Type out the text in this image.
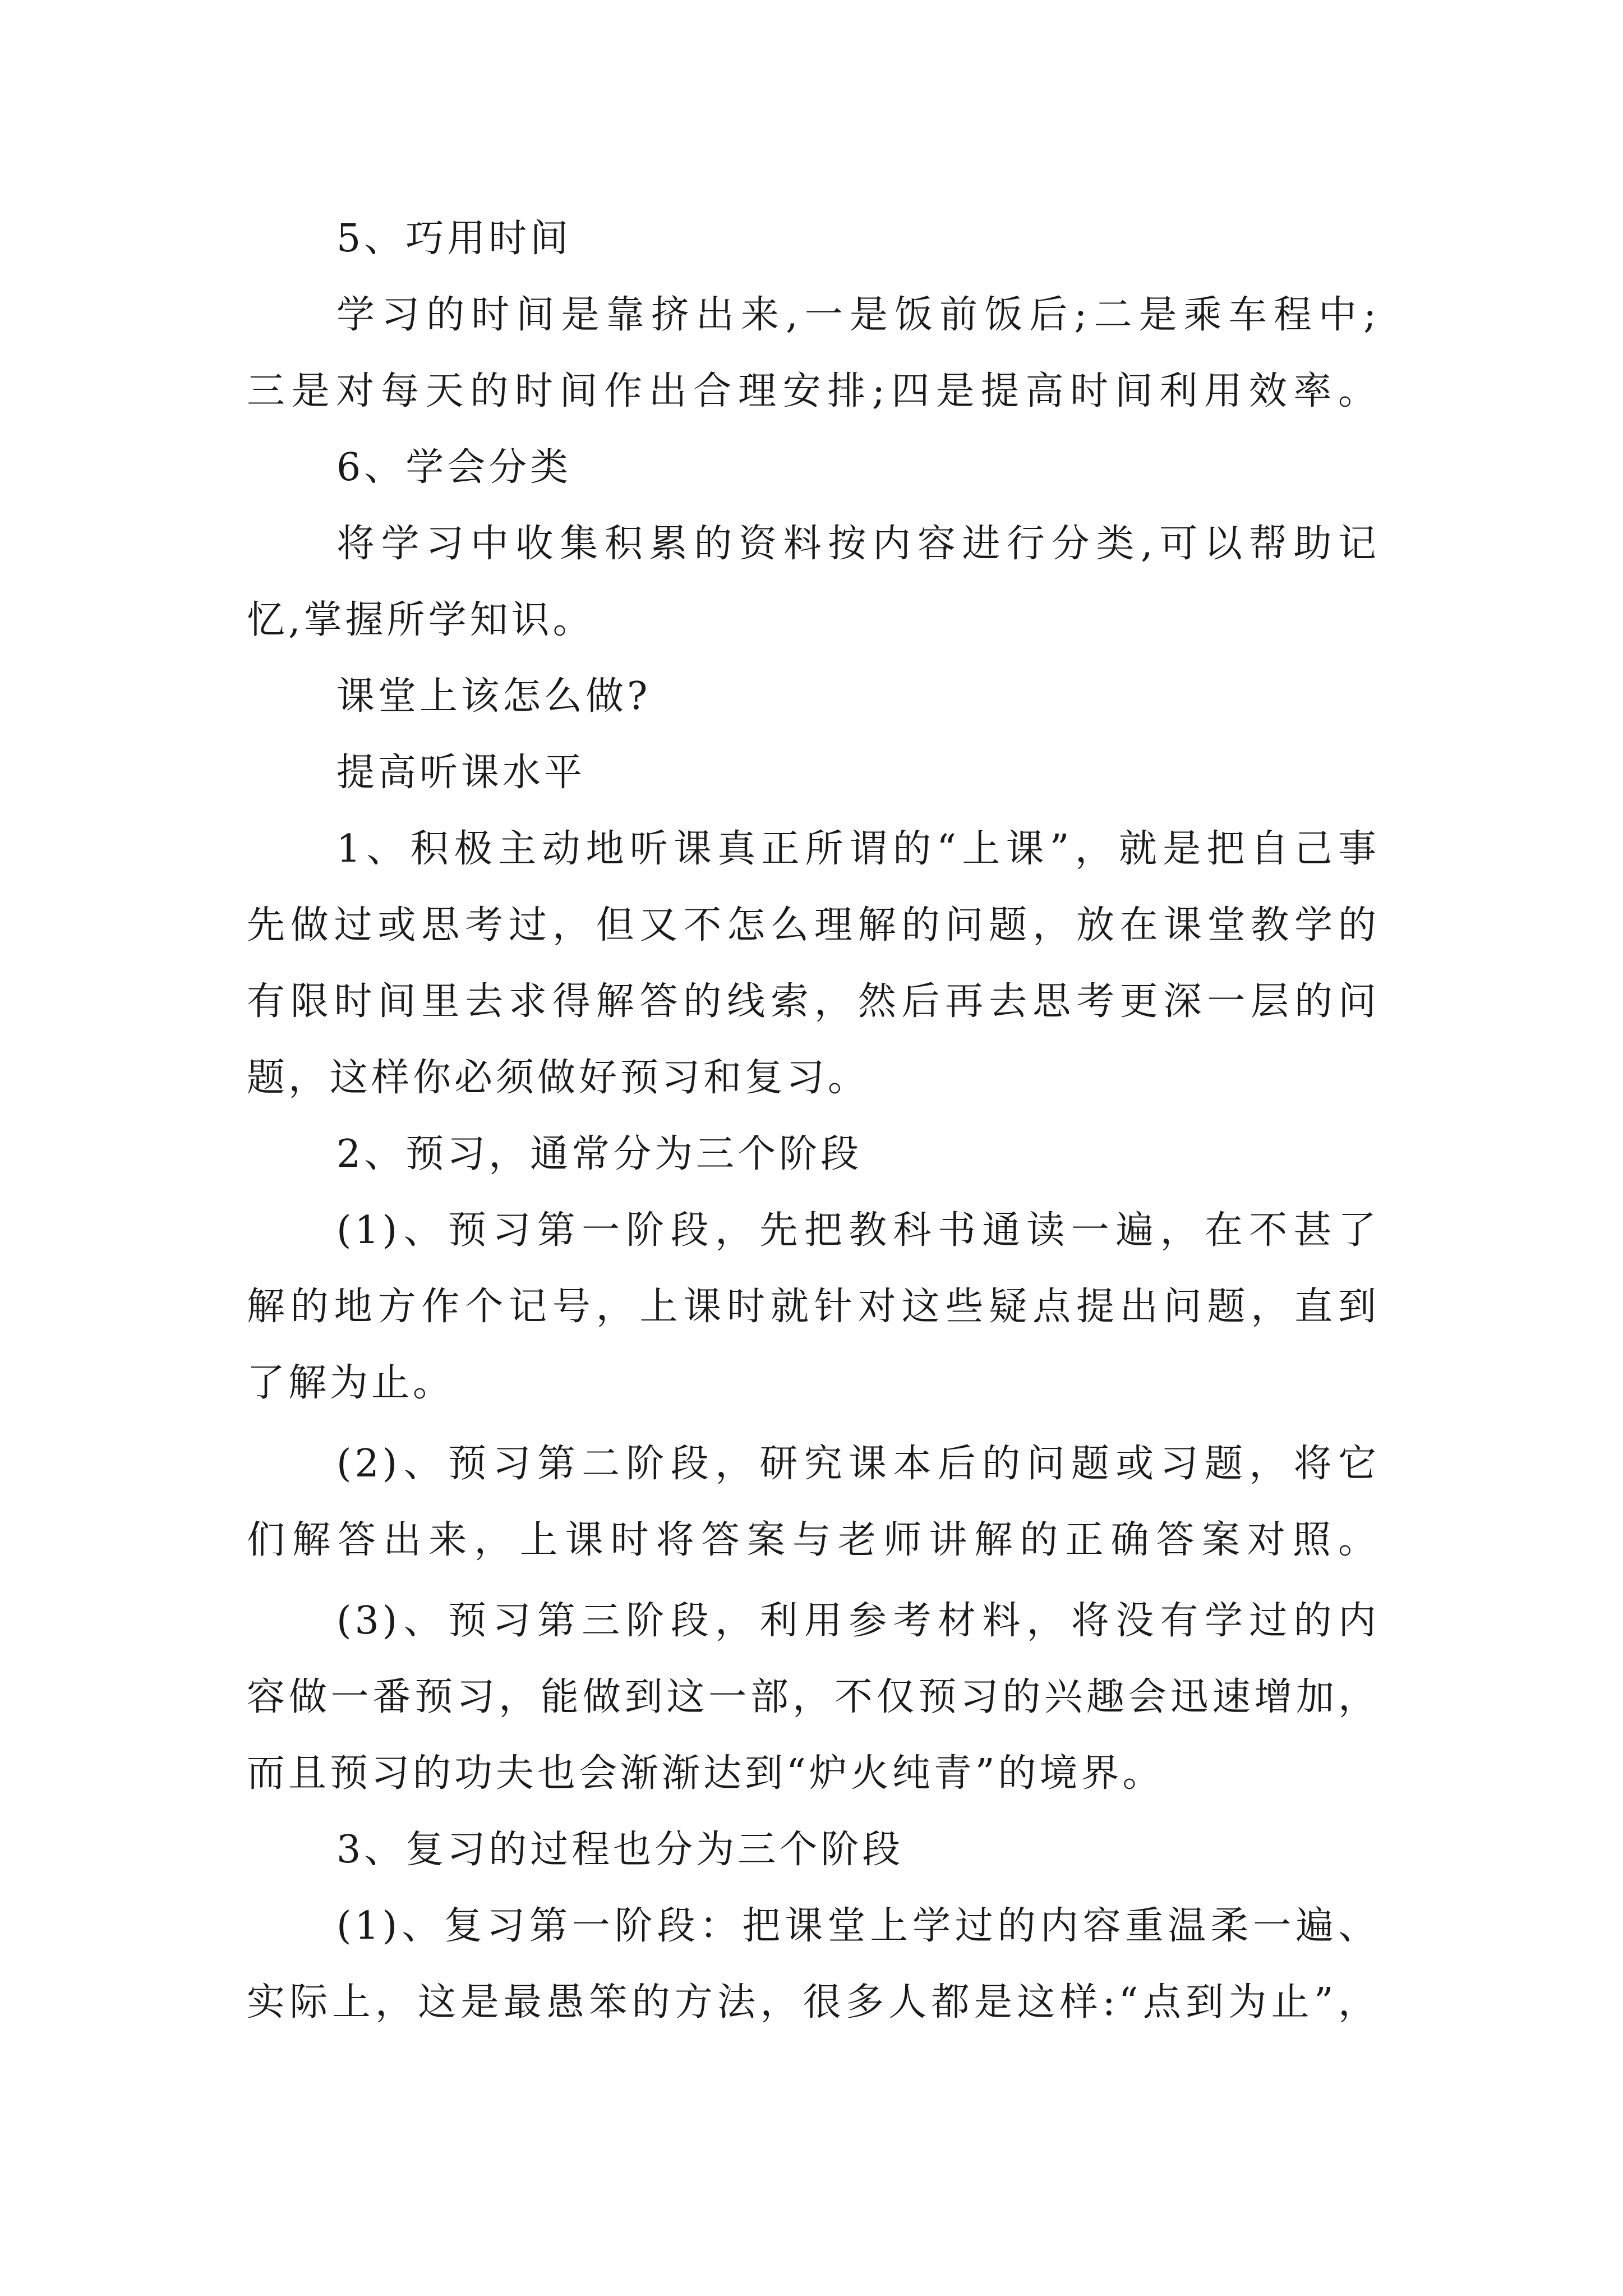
5、巧用时间
学习的时间是靠挤出来,一是饭前饭后;二是乘车程中;
三是对每天的时间作出合理安排;四是提高时间利用效率。
6、学会分类
将学习中收集积累的资料按内容进行分类,可以帮助记
忆,掌握所学知识。
课堂上该怎么做?
提高听课水平
1、积极主动地听课真正所谓的“上课”，就是把自己事
先做过或思考过，但又不怎么理解的问题，放在课堂教学的
有限时间里去求得解答的线索，然后再去思考更深一层的问
题，这样你必须做好预习和复习。
2、预习，通常分为三个阶段
(1)、预习第一阶段，先把教科书通读一遍，在不甚了
解的地方作个记号，上课时就针对这些疑点提出问题，直到
了解为止。
(2)、预习第二阶段，研究课本后的问题或习题，将它
们解答出来，上课时将答案与老师讲解的正确答案对照。
(3)、预习第三阶段，利用参考材料，将没有学过的内
容做一番预习，能做到这一部，不仅预习的兴趣会迅速增加，
而且预习的功夫也会渐渐达到“炉火纯青”的境界。
3、复习的过程也分为三个阶段
(1)、复习第一阶段：把课堂上学过的内容重温柔一遍、
实际上，这是最愚笨的方法，很多人都是这样:“点到为止”，
